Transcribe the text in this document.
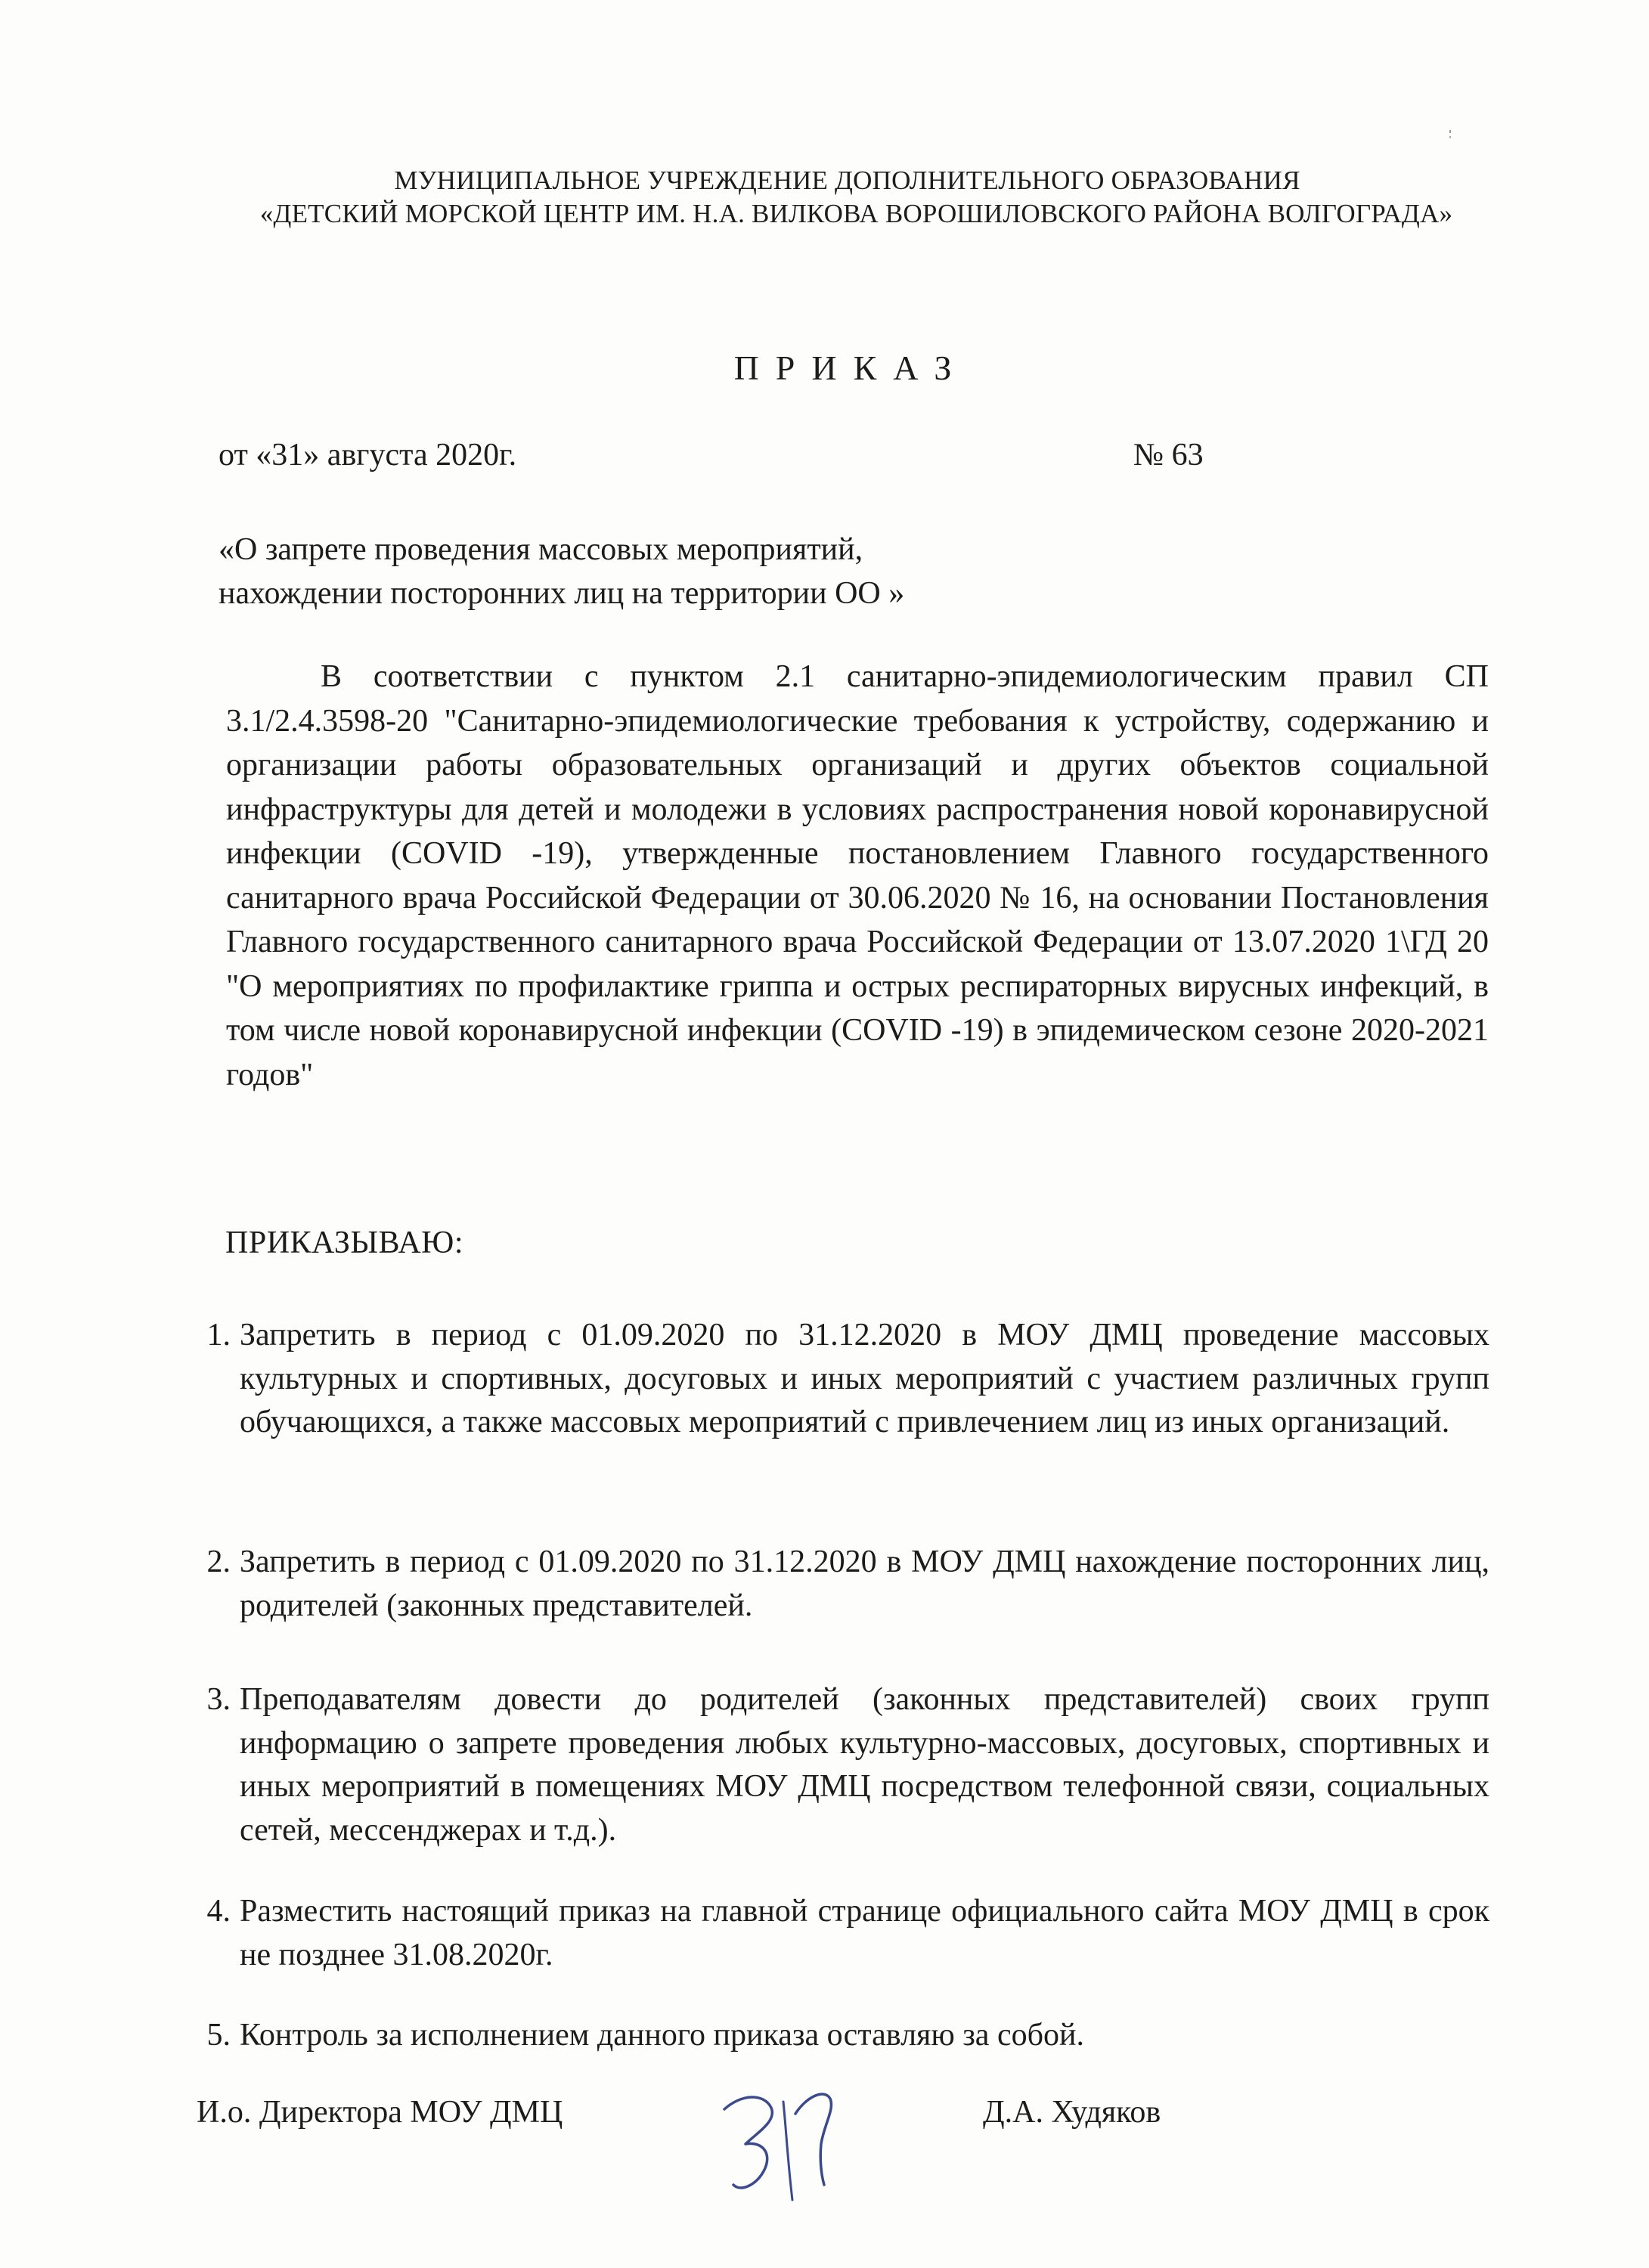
МУНИЦИПАЛЬНОЕ УЧРЕЖДЕНИЕ ДОПОЛНИТЕЛЬНОГО ОБРАЗОВАНИЯ
«ДЕТСКИЙ МОРСКОЙ ЦЕНТР ИМ. Н.А. ВИЛКОВА ВОРОШИЛОВСКОГО РАЙОНА ВОЛГОГРАДА»
ПРИКАЗ
от «31» августа 2020г.	№ 63
«О запрете проведения массовых мероприятий,
нахождении посторонних лиц на территории ОО »
В соответствии с пунктом 2.1 санитарно-эпидемиологическим правил СП 3.1/2.4.3598-20 "Санитарно-эпидемиологические требования к устройству, содержанию и организации работы образовательных организаций и других объектов социальной инфраструктуры для детей и молодежи в условиях распространения новой коронавирусной инфекции (COVID -19), утвержденные постановлением Главного государственного санитарного врача Российской Федерации от 30.06.2020 № 16, на основании Постановления Главного государственного санитарного врача Российской Федерации от 13.07.2020 1\ГД 20 "О мероприятиях по профилактике гриппа и острых респираторных вирусных инфекций, в том числе новой коронавирусной инфекции (COVID -19) в эпидемическом сезоне 2020-2021 годов"
ПРИКАЗЫВАЮ:
1. Запретить в период с 01.09.2020 по 31.12.2020 в МОУ ДМЦ проведение массовых культурных и спортивных, досуговых и иных мероприятий с участием различных групп обучающихся, а также массовых мероприятий с привлечением лиц из иных организаций.
2. Запретить в период с 01.09.2020 по 31.12.2020 в МОУ ДМЦ нахождение посторонних лиц, родителей (законных представителей.
3. Преподавателям довести до родителей (законных представителей) своих групп информацию о запрете проведения любых культурно-массовых, досуговых, спортивных и иных мероприятий в помещениях МОУ ДМЦ посредством телефонной связи, социальных сетей, мессенджерах и т.д.).
4. Разместить настоящий приказ на главной странице официального сайта МОУ ДМЦ в срок не позднее 31.08.2020г.
5. Контроль за исполнением данного приказа оставляю за собой.
И.о. Директора МОУ ДМЦ	Д.А. Худяков
